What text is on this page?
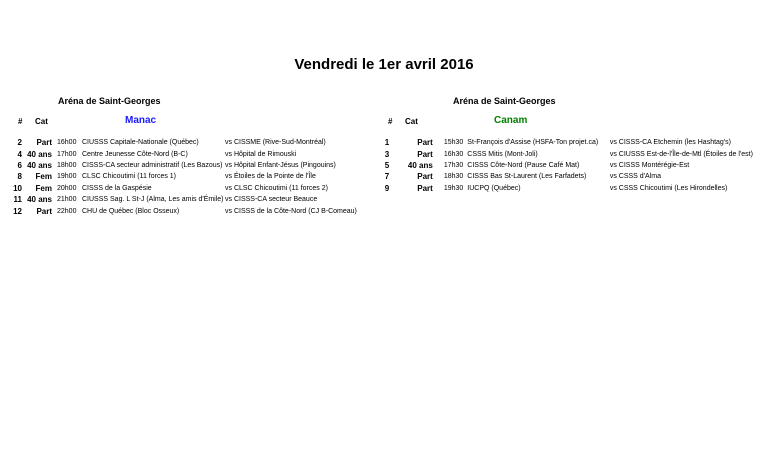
Vendredi le 1er avril 2016
Aréna de Saint-Georges	Aréna de Saint-Georges
# Cat	Manac	# Cat	Canam
2	Part	16h00	CIUSSS Capitale-Nationale (Québec)	vs CISSME (Rive-Sud-Montréal)
4	40 ans	17h00	Centre Jeunesse Côte-Nord (B-C)	vs Hôpital de Rimouski
6	40 ans	18h00	CISSS-CA secteur administratif (Les Bazous)	vs Hôpital Enfant-Jésus (Pingouins)
8	Fem	19h00	CLSC Chicoutimi (11 forces 1)	vs Étoiles de la Pointe de l'Île
10	Fem	20h00	CISSS de la Gaspésie	vs CLSC Chicoutimi (11 forces 2)
11	40 ans	21h00	CIUSSS Sag. L St-J (Alma, Les amis d'Émile)	vs CISSS-CA secteur Beauce
12	Part	22h00	CHU de Québec (Bloc Osseux)	vs CISSS de la Côte-Nord (CJ B-Comeau)
1	Part	15h30	St-François d'Assise (HSFA-Ton projet.ca)	vs CISSS-CA Etchemin (les Hashtag's)
3	Part	16h30	CSSS Mitis (Mont-Joli)	vs CIUSSS Est-de-l'Île-de-Mtl (Étoiles de l'est)
5	40 ans	17h30	CISSS Côte-Nord (Pause Café Mat)	vs CISSS Montérégie-Est
7	Part	18h30	CISSS Bas St-Laurent (Les Farfadets)	vs CSSS d'Alma
9	Part	19h30	IUCPQ (Québec)	vs CSSS Chicoutimi (Les Hirondelles)
